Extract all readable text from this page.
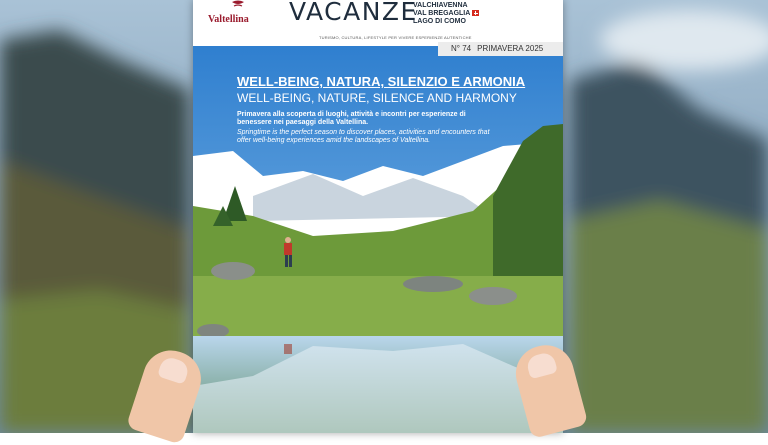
Valtellina VACANZE
VALCHIAVENNA
VAL BREGAGLIA
LAGO DI COMO
TURISMO, CULTURA, LIFESTYLE PER VIVERE ESPERIENZE AUTENTICHE

WELL-BEING, NATURA, SILENZIO E ARMONIA

WELL-BEING, NATURE, SILENCE AND HARMONY

Primavera alla scoperta di luoghi, attività e incontri per esperienze di benessere nei paesaggi della Valtellina.

Springtime is the perfect season to discover places, activities and encounters that offer well-being experiences amid the landscapes of Valtellina.

N° 74 PRIMAVERA 2025
